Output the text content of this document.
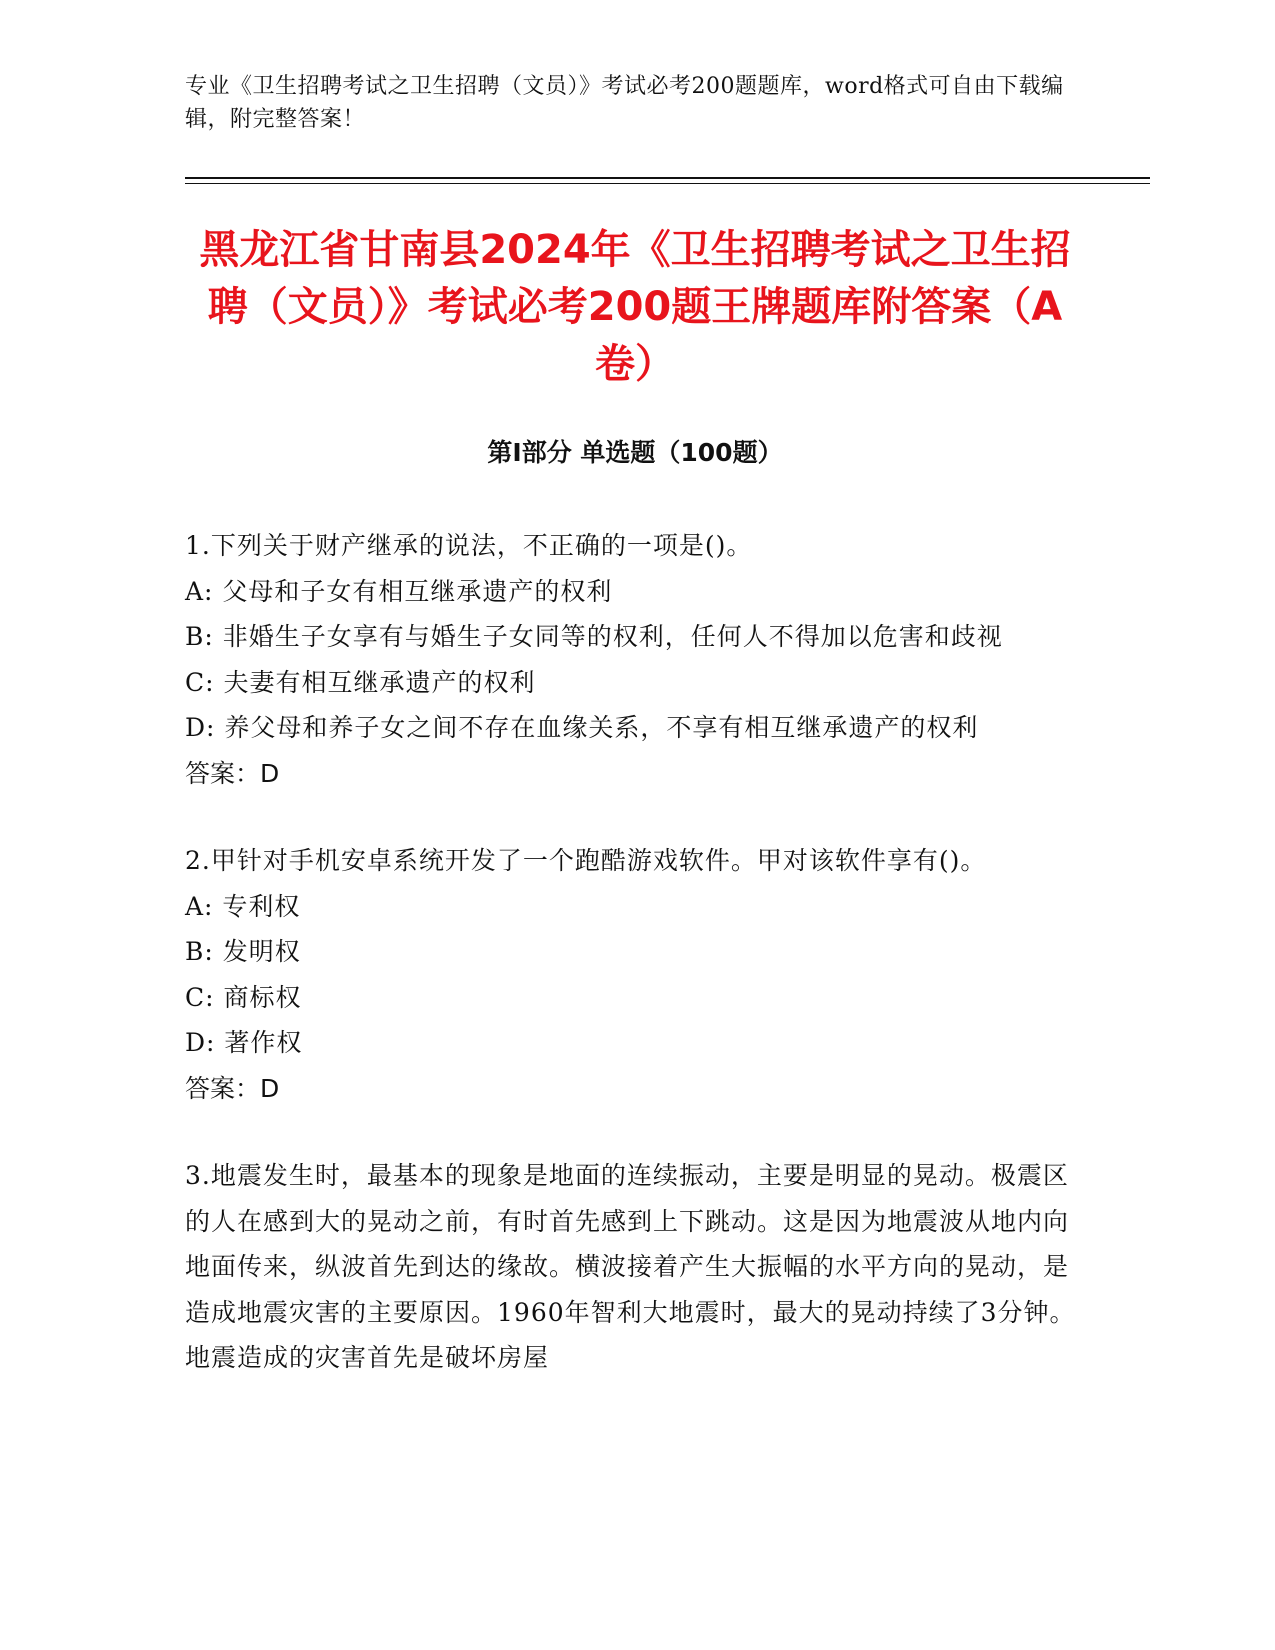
专业《卫生招聘考试之卫生招聘（文员）》考试必考200题题库，word格式可自由下载编辑，附完整答案！
黑龙江省甘南县2024年《卫生招聘考试之卫生招聘（文员）》考试必考200题王牌题库附答案（A卷）
第I部分 单选题（100题）
1.下列关于财产继承的说法，不正确的一项是()。
A: 父母和子女有相互继承遗产的权利
B: 非婚生子女享有与婚生子女同等的权利，任何人不得加以危害和歧视
C: 夫妻有相互继承遗产的权利
D: 养父母和养子女之间不存在血缘关系，不享有相互继承遗产的权利
答案：D
2.甲针对手机安卓系统开发了一个跑酷游戏软件。甲对该软件享有()。
A: 专利权
B: 发明权
C: 商标权
D: 著作权
答案：D
3.地震发生时，最基本的现象是地面的连续振动，主要是明显的晃动。极震区的人在感到大的晃动之前，有时首先感到上下跳动。这是因为地震波从地内向地面传来，纵波首先到达的缘故。横波接着产生大振幅的水平方向的晃动，是造成地震灾害的主要原因。1960年智利大地震时，最大的晃动持续了3分钟。地震造成的灾害首先是破坏房屋
